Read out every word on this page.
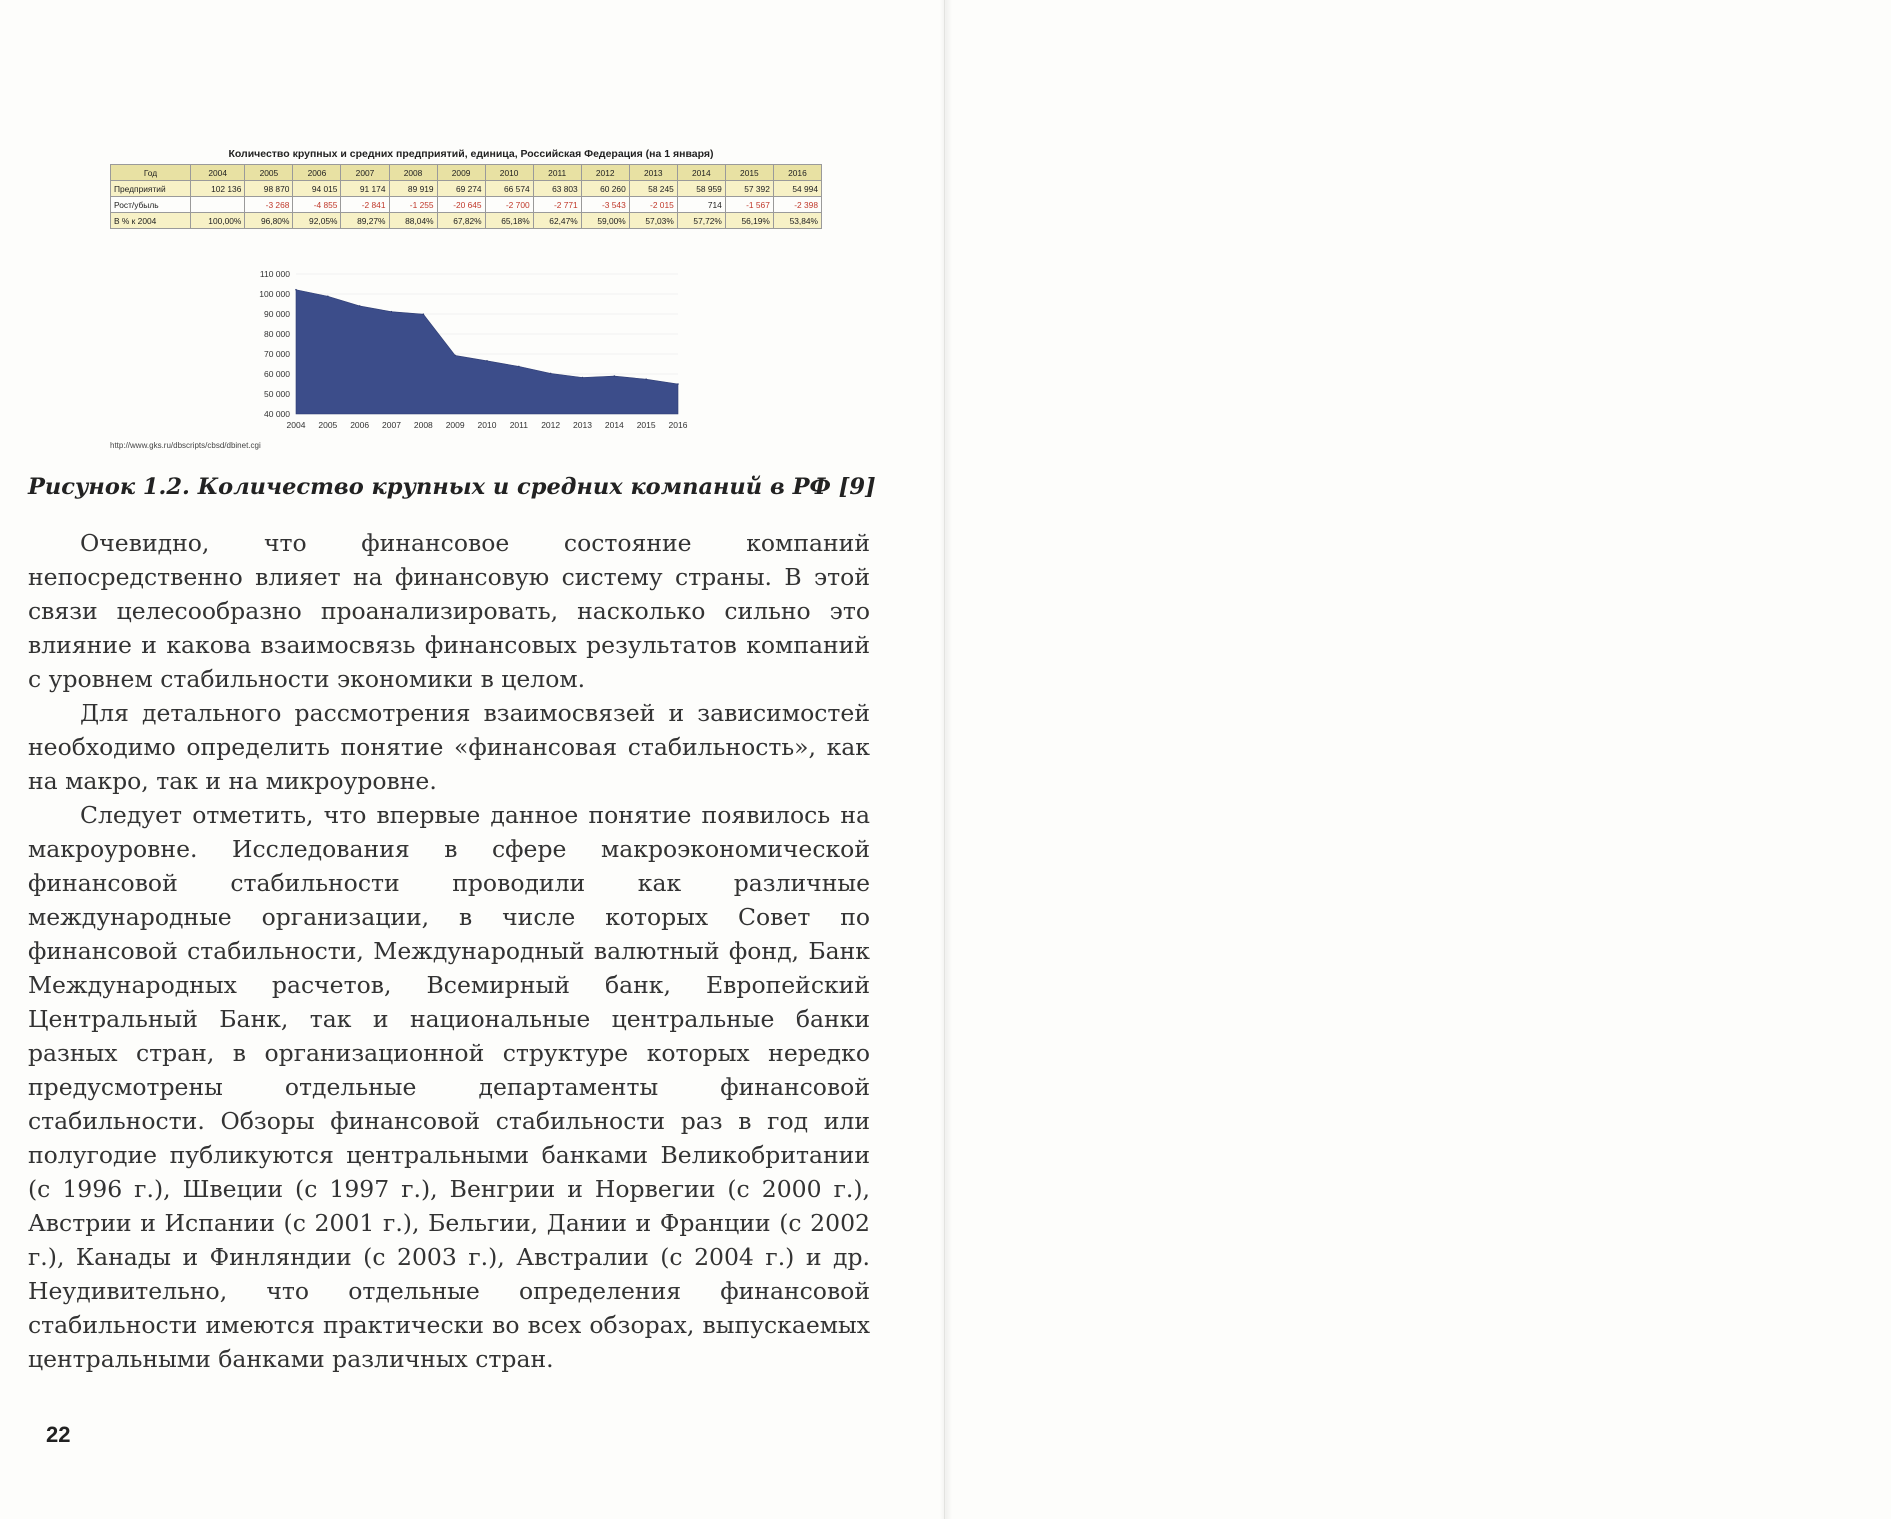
Количество крупных и средних предприятий, единица, Российская Федерация (на 1 января)
Год	2004	2005	2006	2007	2008	2009	2010	2011	2012	2013	2014	2015	2016
Предприятий	102 136	98 870	94 015	91 174	89 919	69 274	66 574	63 803	60 260	58 245	58 959	57 392	54 994
Рост/убыль		-3 268	-4 855	-2 841	-1 255	-20 645	-2 700	-2 771	-3 543	-2 015	714	-1 567	-2 398
В % к 2004	100,00%	96,80%	92,05%	89,27%	88,04%	67,82%	65,18%	62,47%	59,00%	57,03%	57,72%	56,19%	53,84%
40 000
50 000
60 000
70 000
80 000
90 000
100 000
110 000
2004 2005 2006 2007 2008 2009 2010 2011 2012 2013 2014 2015 2016
http://www.gks.ru/dbscripts/cbsd/dbinet.cgi
Рисунок 1.2. Количество крупных и средних компаний в РФ [9]

Очевидно, что финансовое состояние компаний непосредственно влияет на финансовую систему страны. В этой связи целесообразно проанализировать, насколько сильно это влияние и какова взаимосвязь финансовых результатов компаний с уровнем стабильности экономики в целом.

Для детального рассмотрения взаимосвязей и зависимостей необходимо определить понятие «финансовая стабильность», как на макро, так и на микроуровне.

Следует отметить, что впервые данное понятие появилось на макроуровне. Исследования в сфере макроэкономической финансовой стабильности проводили как различные международные организации, в числе которых Совет по финансовой стабильности, Международный валютный фонд, Банк Международных расчетов, Всемирный банк, Европейский Центральный Банк, так и национальные центральные банки разных стран, в организационной структуре которых нередко предусмотрены отдельные департаменты финансовой стабильности. Обзоры финансовой стабильности раз в год или полугодие публикуются центральными банками Великобритании (с 1996 г.), Швеции (с 1997 г.), Венгрии и Норвегии (с 2000 г.), Австрии и Испании (с 2001 г.), Бельгии, Дании и Франции (с 2002 г.), Канады и Финляндии (с 2003 г.), Австралии (с 2004 г.) и др. Неудивительно, что отдельные определения финансовой стабильности имеются практически во всех обзорах, выпускаемых центральными банками различных стран.

22
